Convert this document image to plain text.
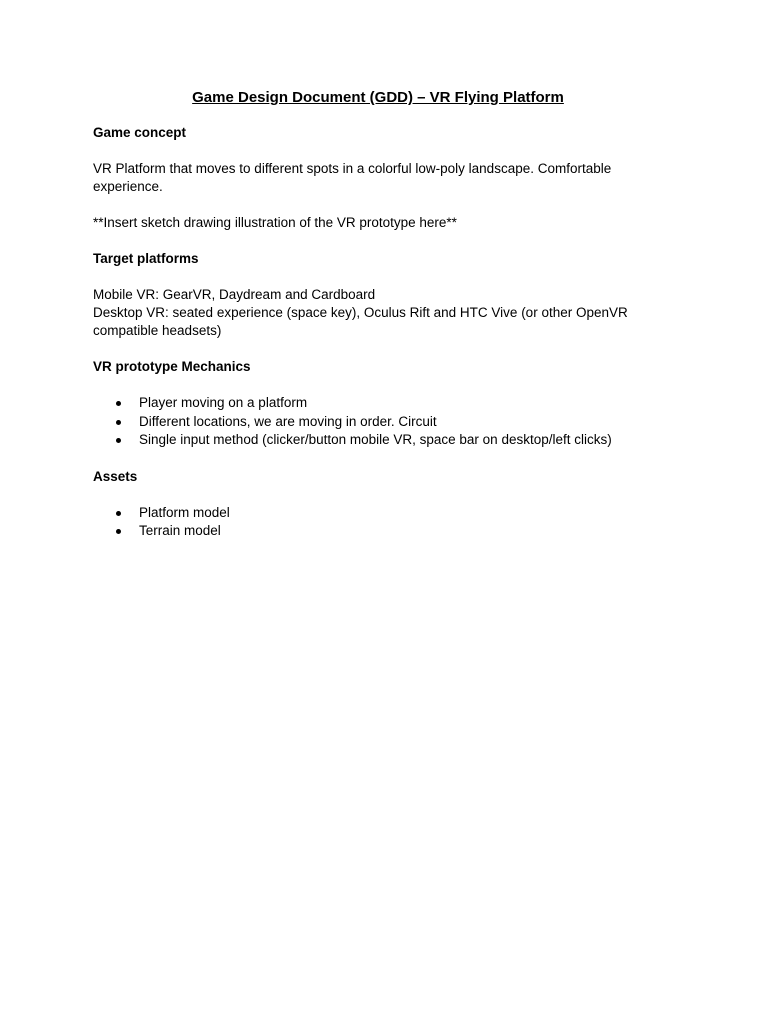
Game Design Document (GDD) – VR Flying Platform
Game concept
VR Platform that moves to different spots in a colorful low-poly landscape. Comfortable experience.
**Insert sketch drawing illustration of the VR prototype here**
Target platforms
Mobile VR: GearVR, Daydream and Cardboard
Desktop VR: seated experience (space key), Oculus Rift and HTC Vive (or other OpenVR compatible headsets)
VR prototype Mechanics
Player moving on a platform
Different locations, we are moving in order. Circuit
Single input method (clicker/button mobile VR, space bar on desktop/left clicks)
Assets
Platform model
Terrain model
